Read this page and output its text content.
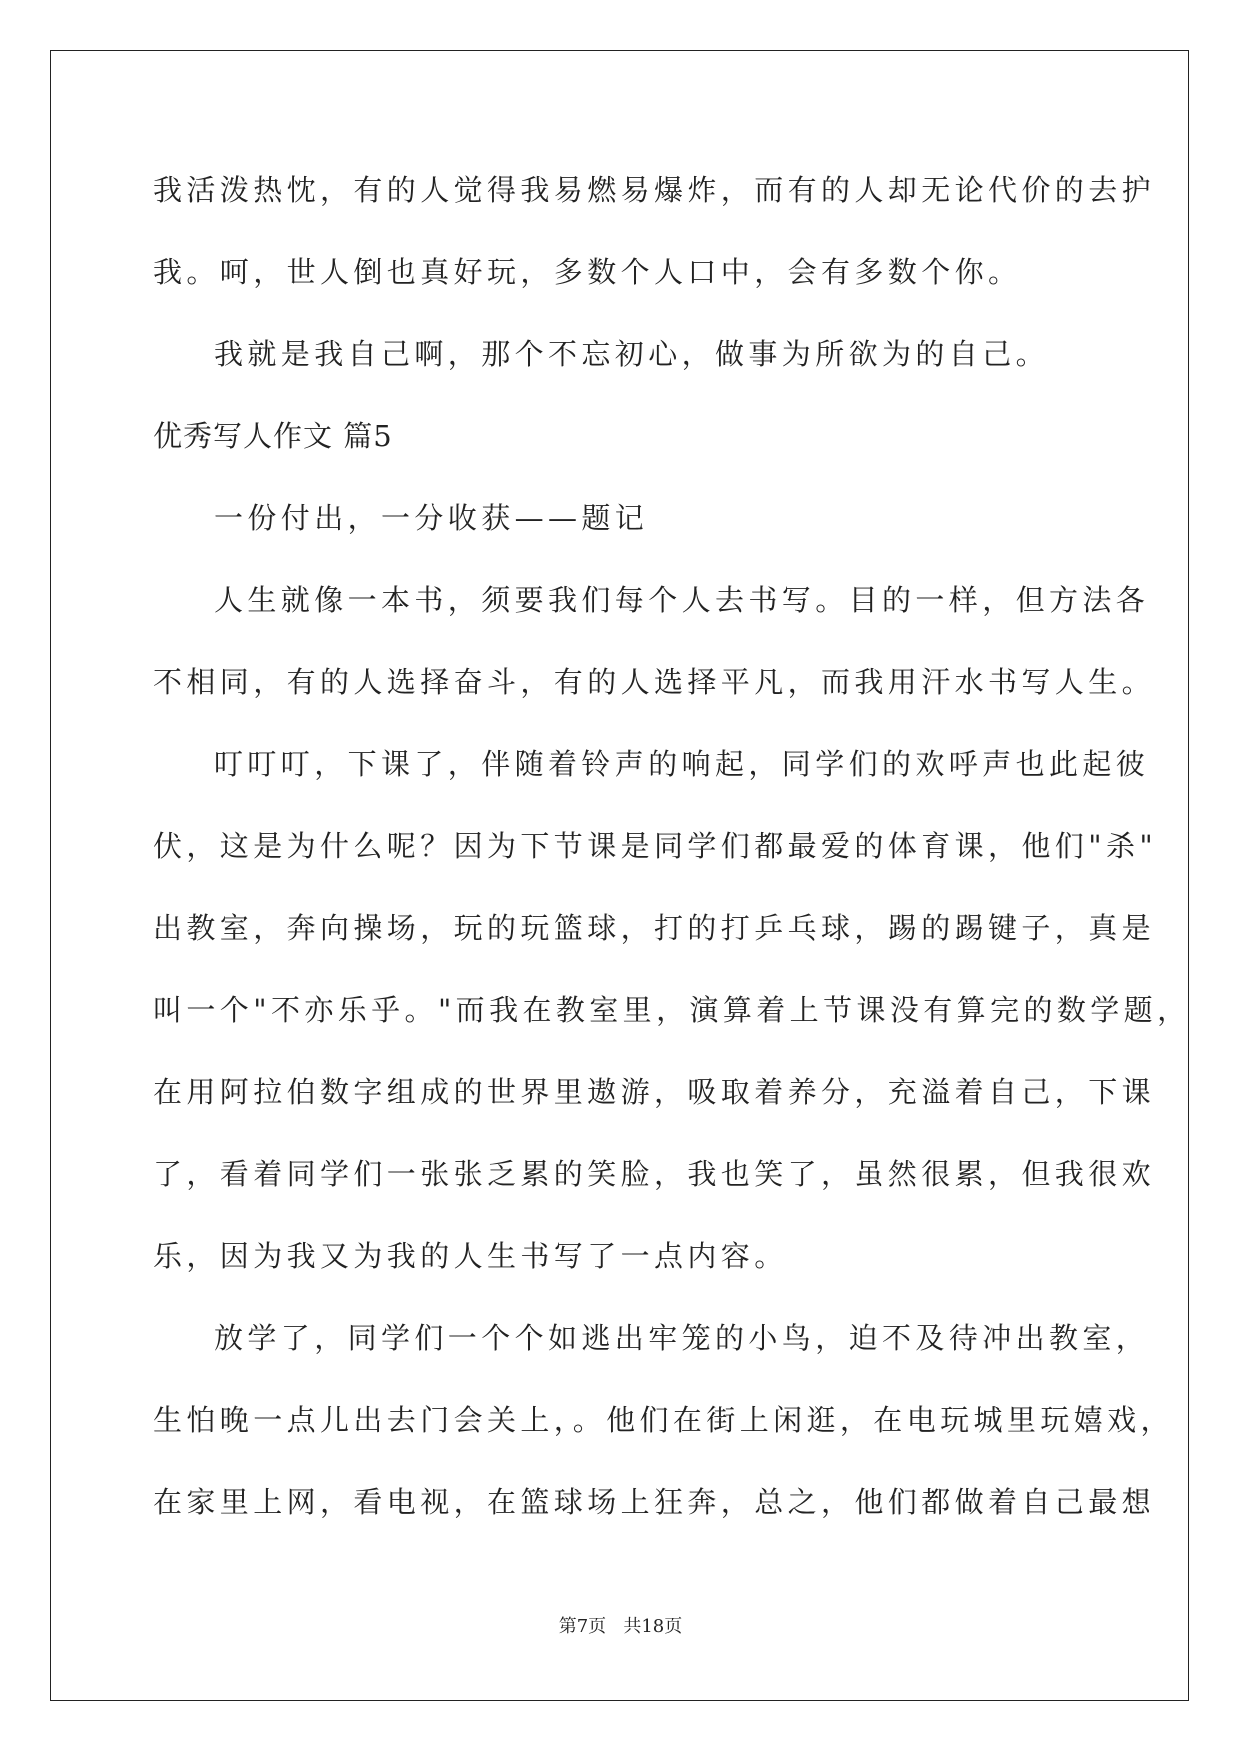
我活泼热忱，有的人觉得我易燃易爆炸，而有的人却无论代价的去护
我。呵，世人倒也真好玩，多数个人口中，会有多数个你。
我就是我自己啊，那个不忘初心，做事为所欲为的自己。
优秀写人作文 篇5
一份付出，一分收获——题记
人生就像一本书，须要我们每个人去书写。目的一样，但方法各
不相同，有的人选择奋斗，有的人选择平凡，而我用汗水书写人生。
叮叮叮，下课了，伴随着铃声的响起，同学们的欢呼声也此起彼
伏，这是为什么呢？因为下节课是同学们都最爱的体育课，他们"杀"
出教室，奔向操场，玩的玩篮球，打的打乒乓球，踢的踢键子，真是
叫一个"不亦乐乎。"而我在教室里，演算着上节课没有算完的数学题，
在用阿拉伯数字组成的世界里遨游，吸取着养分，充溢着自己，下课
了，看着同学们一张张乏累的笑脸，我也笑了，虽然很累，但我很欢
乐，因为我又为我的人生书写了一点内容。
放学了，同学们一个个如逃出牢笼的小鸟，迫不及待冲出教室，
生怕晚一点儿出去门会关上，。他们在街上闲逛，在电玩城里玩嬉戏，
在家里上网，看电视，在篮球场上狂奔，总之，他们都做着自己最想
第7页   共18页
